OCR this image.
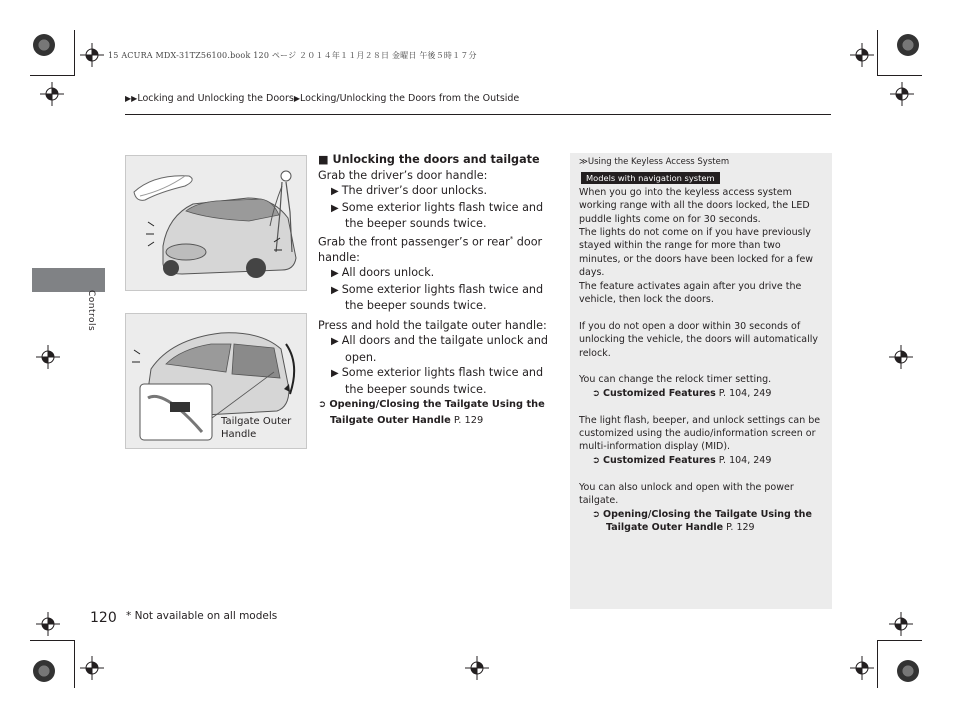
15 ACURA MDX-31TZ56100.book 120 ページ ２０１４年１１月２８日 金曜日 午後５時１７分
▶▶Locking and Unlocking the Doors▶Locking/Unlocking the Doors from the Outside
Controls
Tailgate Outer Handle

■ Unlocking the doors and tailgate

Grab the driver’s door handle:

▶ The driver’s door unlocks.

▶ Some exterior lights flash twice and the beeper sounds twice.

Grab the front passenger’s or rear* door handle:

▶ All doors unlock.

▶ Some exterior lights flash twice and the beeper sounds twice.

Press and hold the tailgate outer handle:

▶ All doors and the tailgate unlock and open.

▶ Some exterior lights flash twice and the beeper sounds twice.

➲ Opening/Closing the Tailgate Using the Tailgate Outer Handle P. 129

≫Using the Keyless Access System

Models with navigation system

When you go into the keyless access system working range with all the doors locked, the LED puddle lights come on for 30 seconds.

The lights do not come on if you have previously stayed within the range for more than two minutes, or the doors have been locked for a few days.

The feature activates again after you drive the vehicle, then lock the doors.

If you do not open a door within 30 seconds of unlocking the vehicle, the doors will automatically relock.

You can change the relock timer setting.

➲ Customized Features P. 104, 249

The light flash, beeper, and unlock settings can be customized using the audio/information screen or multi-information display (MID).

➲ Customized Features P. 104, 249

You can also unlock and open with the power tailgate.

➲ Opening/Closing the Tailgate Using the Tailgate Outer Handle P. 129

120 * Not available on all models
